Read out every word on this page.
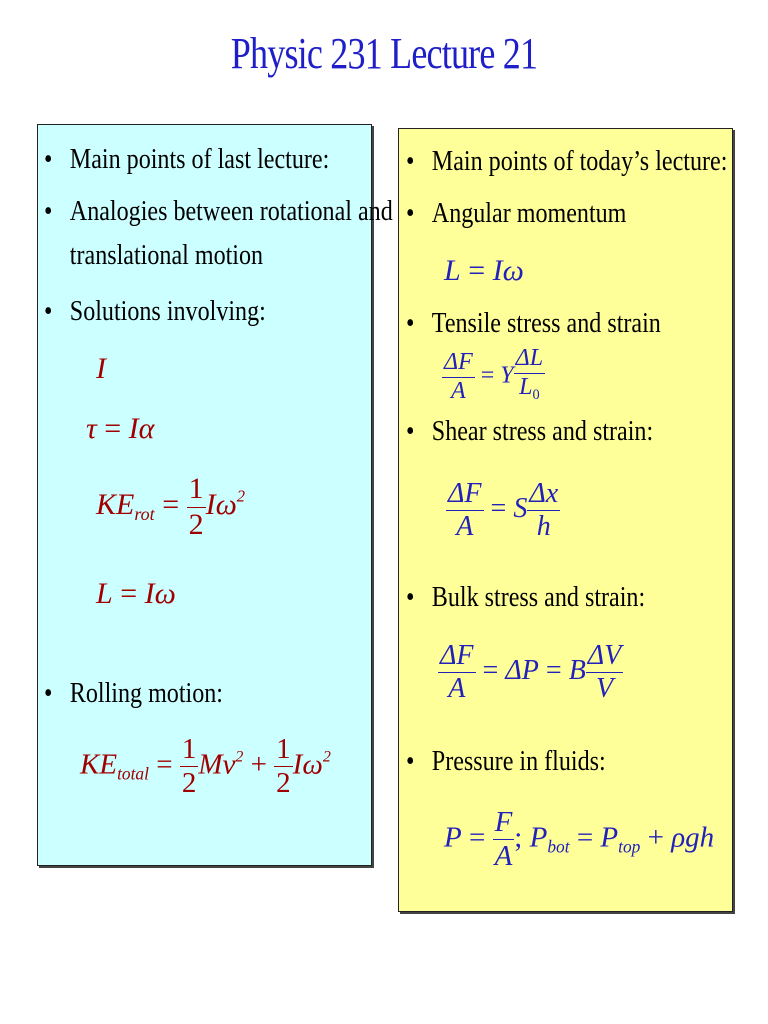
Physic 231 Lecture 21
• Main points of last lecture:
• Analogies between rotational and
translational motion
• Solutions involving:
I
τ = Iα
$KE_{rot} = \frac{1}{2} I\omega^2$
L = Iω
• Rolling motion:
$KE_{total} = \frac{1}{2} Mv^2 + \frac{1}{2} I\omega^2$
• Main points of today’s lecture:
• Angular momentum
L = Iω
• Tensile stress and strain
$\frac{\Delta F}{A} = Y \frac{\Delta L}{L_0}$
• Shear stress and strain:
$\frac{\Delta F}{A} = S \frac{\Delta x}{h}$
• Bulk stress and strain:
$\frac{\Delta F}{A} = \Delta P = B \frac{\Delta V}{V}$
• Pressure in fluids:
$P = \frac{F}{A}$ ; $P_{bot} = P_{top} + \rho gh$
